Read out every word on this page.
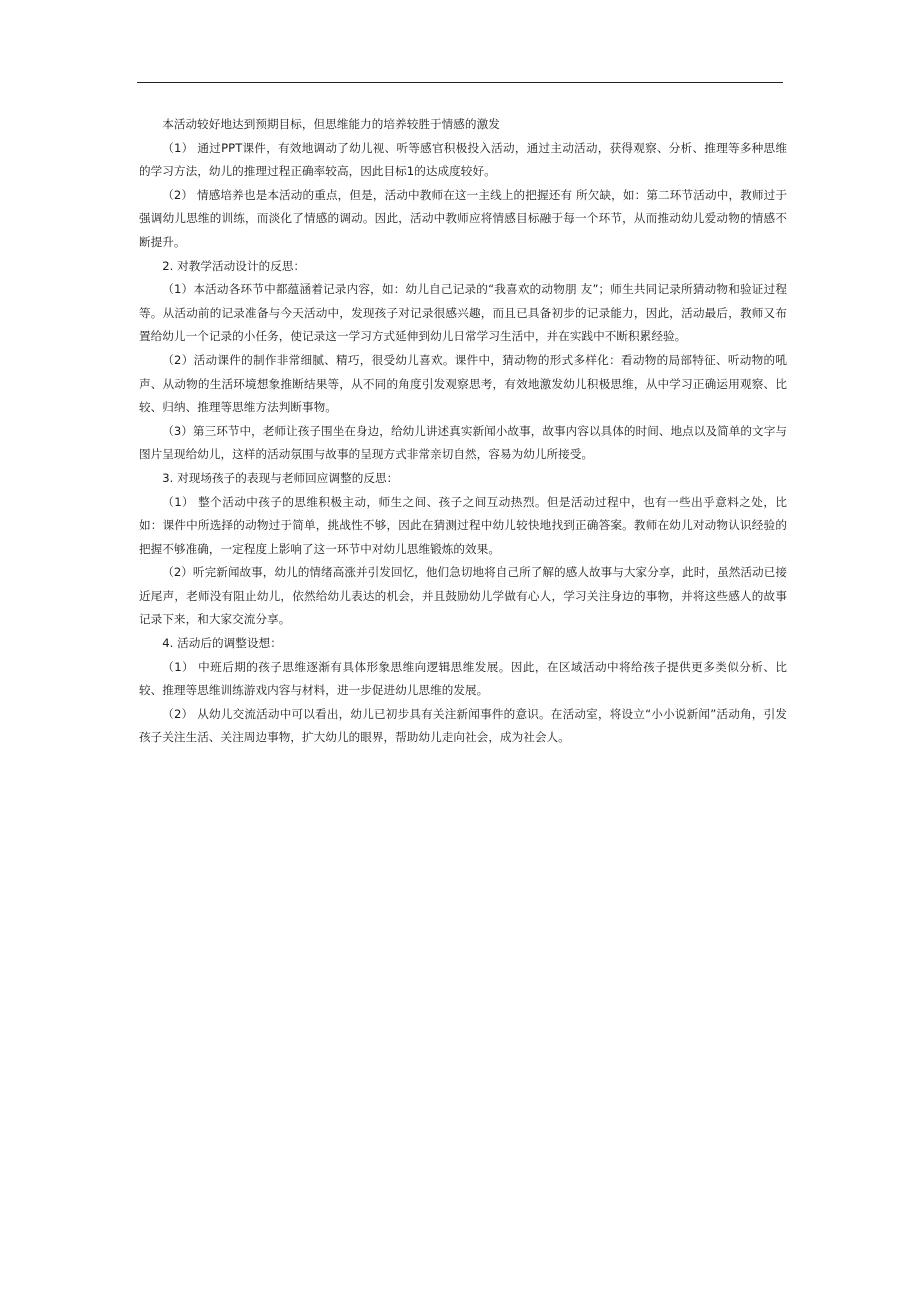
本活动较好地达到预期目标，但思维能力的培养较胜于情感的激发

（1） 通过PPT课件，有效地调动了幼儿视、听等感官积极投入活动，通过主动活动，获得观察、分析、推理等多种思维的学习方法，幼儿的推理过程正确率较高，因此目标1的达成度较好。

（2） 情感培养也是本活动的重点，但是，活动中教师在这一主线上的把握还有 所欠缺，如：第二环节活动中，教师过于强调幼儿思维的训练，而淡化了情感的调动。因此，活动中教师应将情感目标融于每一个环节，从而推动幼儿爱动物的情感不断提升。

2. 对教学活动设计的反思：

（1）本活动各环节中都蕴涵着记录内容，如：幼儿自己记录的“我喜欢的动物朋 友”；师生共同记录所猜动物和验证过程等。从活动前的记录准备与今天活动中，发现孩子对记录很感兴趣，而且已具备初步的记录能力，因此，活动最后，教师又布置给幼儿一个记录的小任务，使记录这一学习方式延伸到幼儿日常学习生活中，并在实践中不断积累经验。

（2）活动课件的制作非常细腻、精巧，很受幼儿喜欢。课件中，猜动物的形式多样化：看动物的局部特征、听动物的吼声、从动物的生活环境想象推断结果等，从不同的角度引发观察思考，有效地激发幼儿积极思维，从中学习正确运用观察、比较、归纳、推理等思维方法判断事物。

（3）第三环节中，老师让孩子围坐在身边，给幼儿讲述真实新闻小故事，故事内容以具体的时间、地点以及简单的文字与图片呈现给幼儿，这样的活动氛围与故事的呈现方式非常亲切自然，容易为幼儿所接受。

3. 对现场孩子的表现与老师回应调整的反思：

（1） 整个活动中孩子的思维积极主动，师生之间、孩子之间互动热烈。但是活动过程中，也有一些出乎意料之处，比如：课件中所选择的动物过于简单，挑战性不够，因此在猜测过程中幼儿较快地找到正确答案。教师在幼儿对动物认识经验的把握不够准确，一定程度上影响了这一环节中对幼儿思维锻炼的效果。

（2）听完新闻故事，幼儿的情绪高涨并引发回忆，他们急切地将自己所了解的感人故事与大家分享，此时，虽然活动已接近尾声，老师没有阻止幼儿，依然给幼儿表达的机会，并且鼓励幼儿学做有心人，学习关注身边的事物，并将这些感人的故事记录下来，和大家交流分享。

4. 活动后的调整设想：

（1） 中班后期的孩子思维逐渐有具体形象思维向逻辑思维发展。因此，在区域活动中将给孩子提供更多类似分析、比较、推理等思维训练游戏内容与材料，进一步促进幼儿思维的发展。

（2） 从幼儿交流活动中可以看出，幼儿已初步具有关注新闻事件的意识。在活动室，将设立“小小说新闻”活动角，引发孩子关注生活、关注周边事物，扩大幼儿的眼界，帮助幼儿走向社会，成为社会人。
